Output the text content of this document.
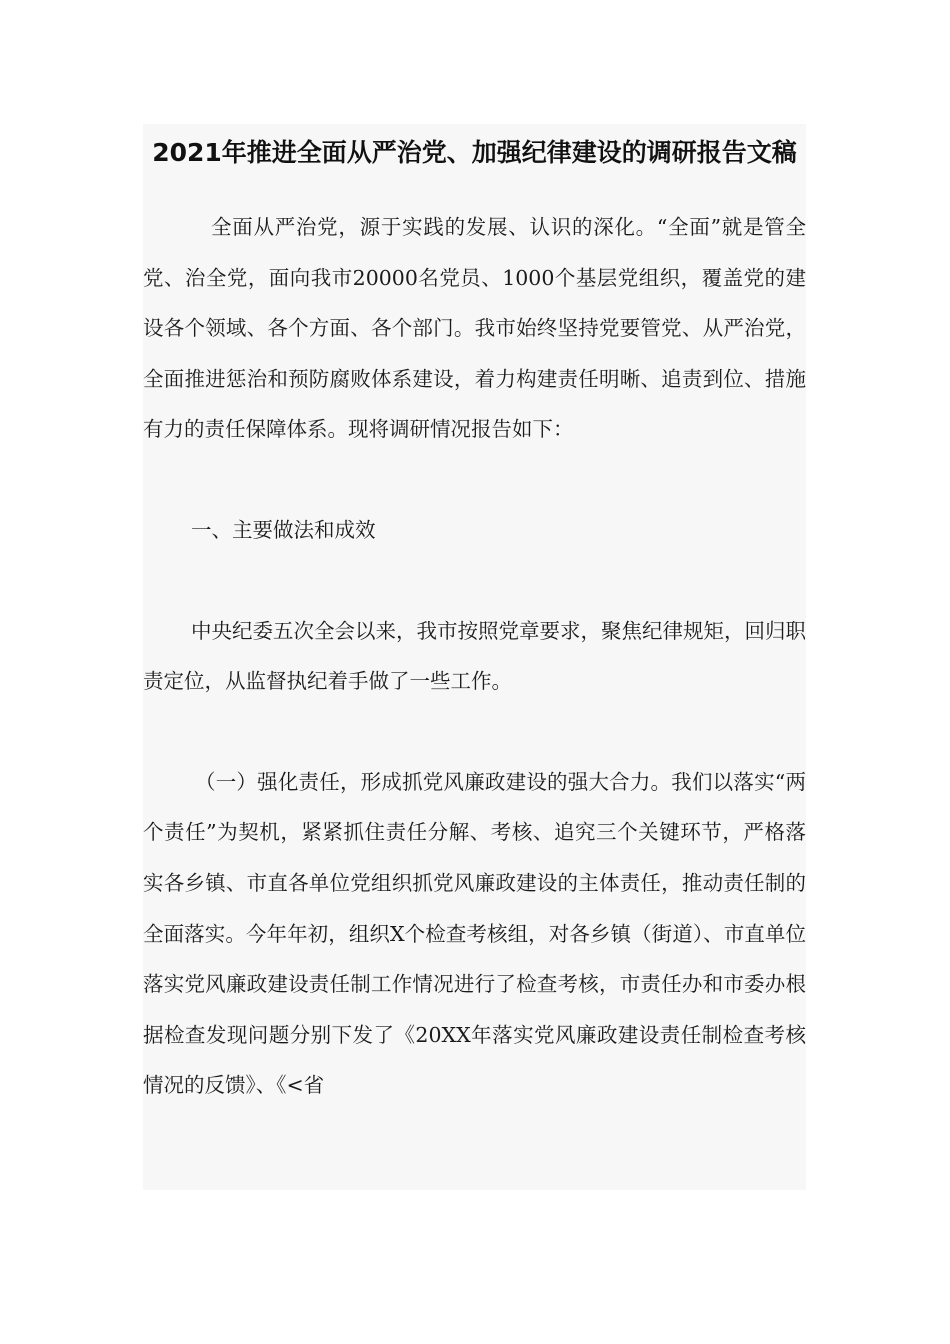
2021年推进全面从严治党、加强纪律建设的调研报告文稿

全面从严治党，源于实践的发展、认识的深化。“全面”就是管全党、治全党，面向我市20000名党员、1000个基层党组织，覆盖党的建设各个领域、各个方面、各个部门。我市始终坚持党要管党、从严治党，全面推进惩治和预防腐败体系建设，着力构建责任明晰、追责到位、措施有力的责任保障体系。现将调研情况报告如下：

一、主要做法和成效

中央纪委五次全会以来，我市按照党章要求，聚焦纪律规矩，回归职责定位，从监督执纪着手做了一些工作。

（一）强化责任，形成抓党风廉政建设的强大合力。我们以落实“两个责任”为契机，紧紧抓住责任分解、考核、追究三个关键环节，严格落实各乡镇、市直各单位党组织抓党风廉政建设的主体责任，推动责任制的全面落实。今年年初，组织X个检查考核组，对各乡镇（街道）、市直单位落实党风廉政建设责任制工作情况进行了检查考核，市责任办和市委办根据检查发现问题分别下发了《20XX年落实党风廉政建设责任制检查考核情况的反馈》、《<省
